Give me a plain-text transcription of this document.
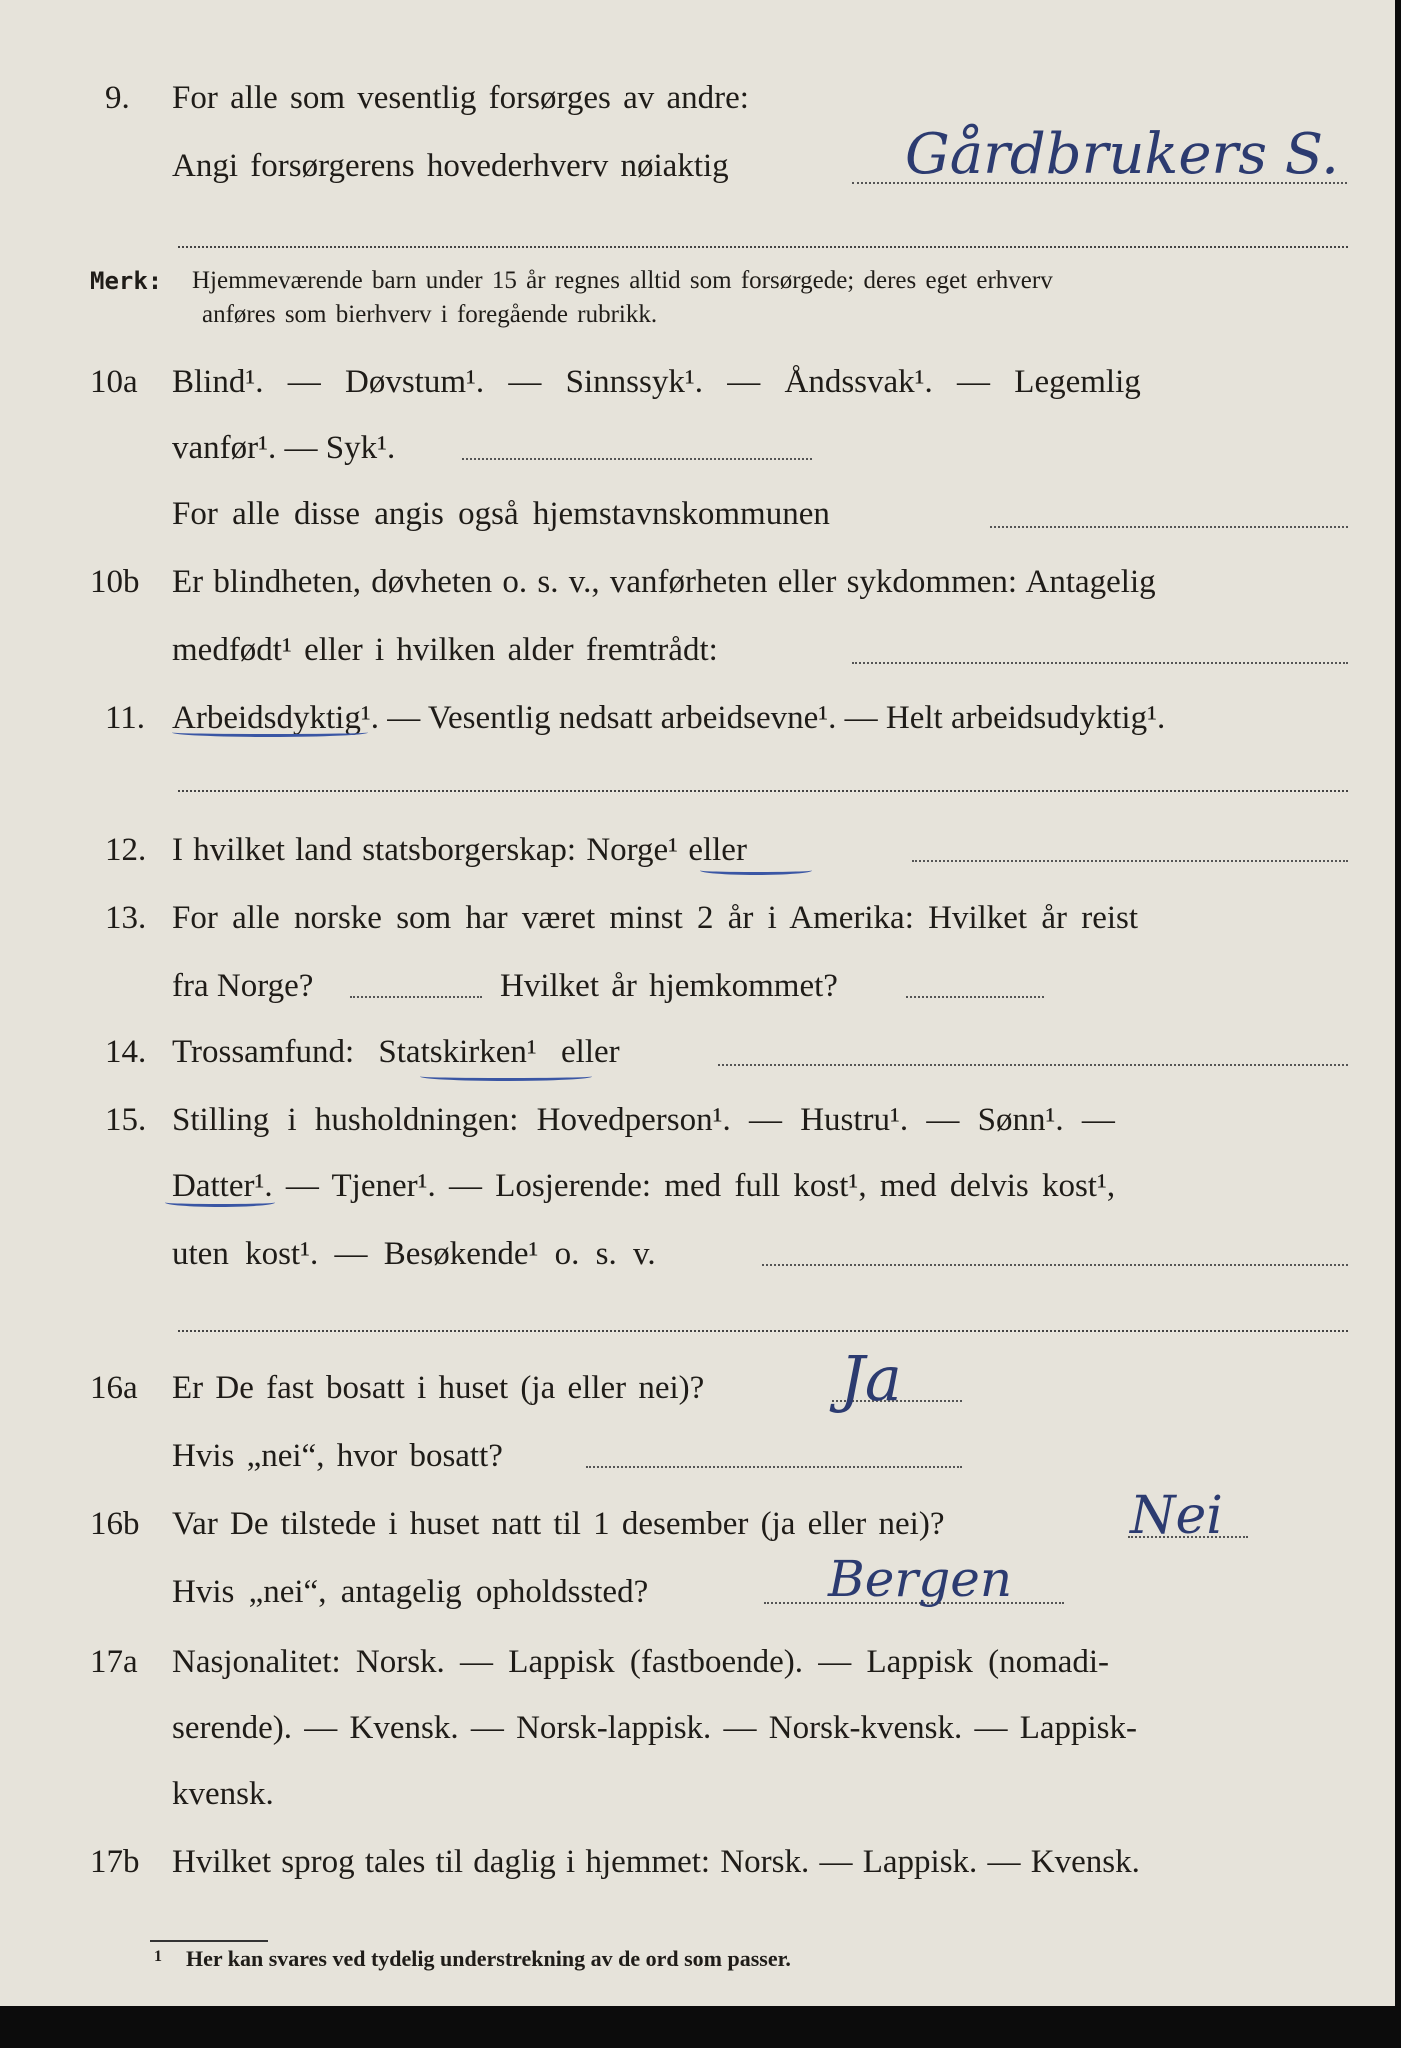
9. For alle som vesentlig forsørges av andre:
Angi forsørgerens hovederhverv nøiaktig	Gårdbrukers S.
Merk: Hjemmeværende barn under 15 år regnes alltid som forsørgede; deres eget erhverv
anføres som bierhverv i foregående rubrikk.
10a Blind¹. — Døvstum¹. — Sinnssyk¹. — Åndssvak¹. — Legemlig
vanfør¹. — Syk¹.
For alle disse angis også hjemstavnskommunen
10b Er blindheten, døvheten o. s. v., vanførheten eller sykdommen: Antagelig
medfødt¹ eller i hvilken alder fremtrådt:
11. Arbeidsdyktig¹. — Vesentlig nedsatt arbeidsevne¹. — Helt arbeidsudyktig¹.
12. I hvilket land statsborgerskap: Norge¹ eller
13. For alle norske som har været minst 2 år i Amerika: Hvilket år reist
fra Norge?	Hvilket år hjemkommet?
14. Trossamfund: Statskirken¹ eller
15. Stilling i husholdningen: Hovedperson¹. — Hustru¹. — Sønn¹. —
Datter¹. — Tjener¹. — Losjerende: med full kost¹, med delvis kost¹,
uten kost¹. — Besøkende¹ o. s. v.
16a Er De fast bosatt i huset (ja eller nei)? Ja
Hvis „nei“, hvor bosatt?
16b Var De tilstede i huset natt til 1 desember (ja eller nei)?	Nei
Hvis „nei“, antagelig opholdssted?	Bergen
17a Nasjonalitet: Norsk. — Lappisk (fastboende). — Lappisk (nomadi-
serende). — Kvensk. — Norsk-lappisk. — Norsk-kvensk. — Lappisk-
kvensk.
17b Hvilket sprog tales til daglig i hjemmet: Norsk. — Lappisk. — Kvensk.
1 Her kan svares ved tydelig understrekning av de ord som passer.
